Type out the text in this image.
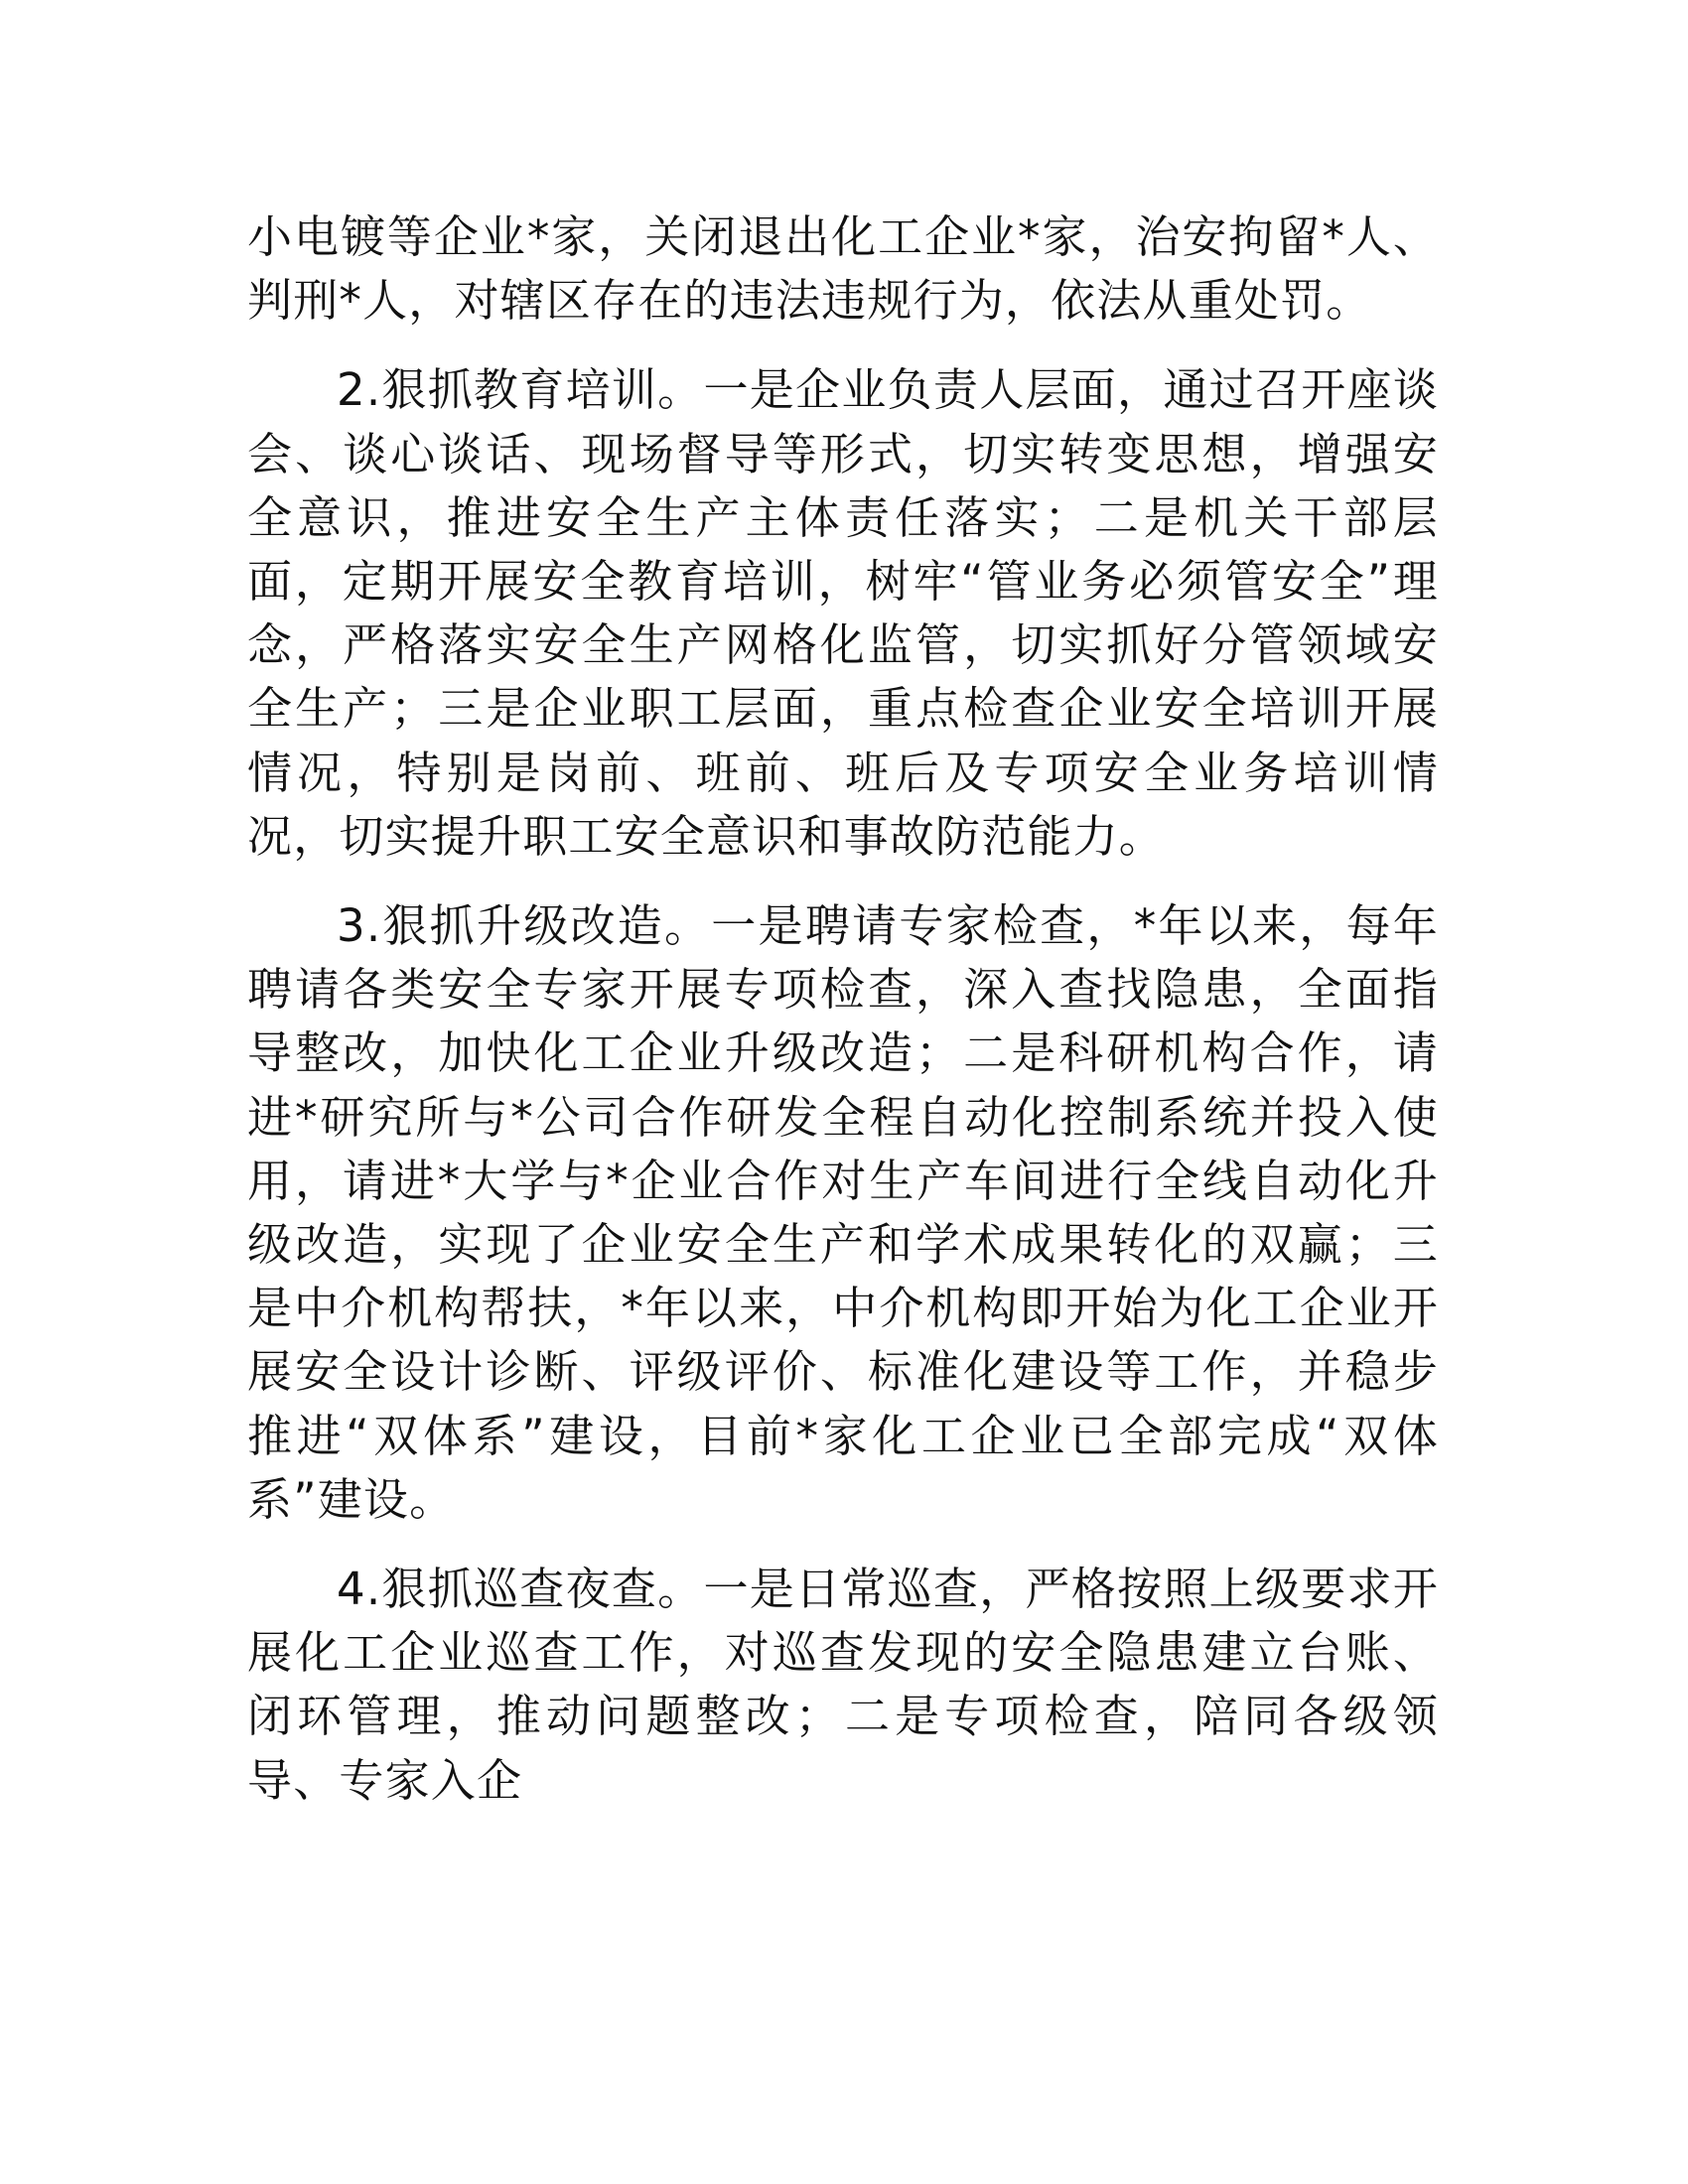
小电镀等企业*家，关闭退出化工企业*家，治安拘留*人、判刑*人，对辖区存在的违法违规行为，依法从重处罚。

2.狠抓教育培训。一是企业负责人层面，通过召开座谈会、谈心谈话、现场督导等形式，切实转变思想，增强安全意识，推进安全生产主体责任落实；二是机关干部层面，定期开展安全教育培训，树牢“管业务必须管安全”理念，严格落实安全生产网格化监管，切实抓好分管领域安全生产；三是企业职工层面，重点检查企业安全培训开展情况，特别是岗前、班前、班后及专项安全业务培训情况，切实提升职工安全意识和事故防范能力。

3.狠抓升级改造。一是聘请专家检查，*年以来，每年聘请各类安全专家开展专项检查，深入查找隐患，全面指导整改，加快化工企业升级改造；二是科研机构合作，请进*研究所与*公司合作研发全程自动化控制系统并投入使用，请进*大学与*企业合作对生产车间进行全线自动化升级改造，实现了企业安全生产和学术成果转化的双赢；三是中介机构帮扶，*年以来，中介机构即开始为化工企业开展安全设计诊断、评级评价、标准化建设等工作，并稳步推进“双体系”建设，目前*家化工企业已全部完成“双体系”建设。

4.狠抓巡查夜查。一是日常巡查，严格按照上级要求开展化工企业巡查工作，对巡查发现的安全隐患建立台账、闭环管理，推动问题整改；二是专项检查，陪同各级领导、专家入企
